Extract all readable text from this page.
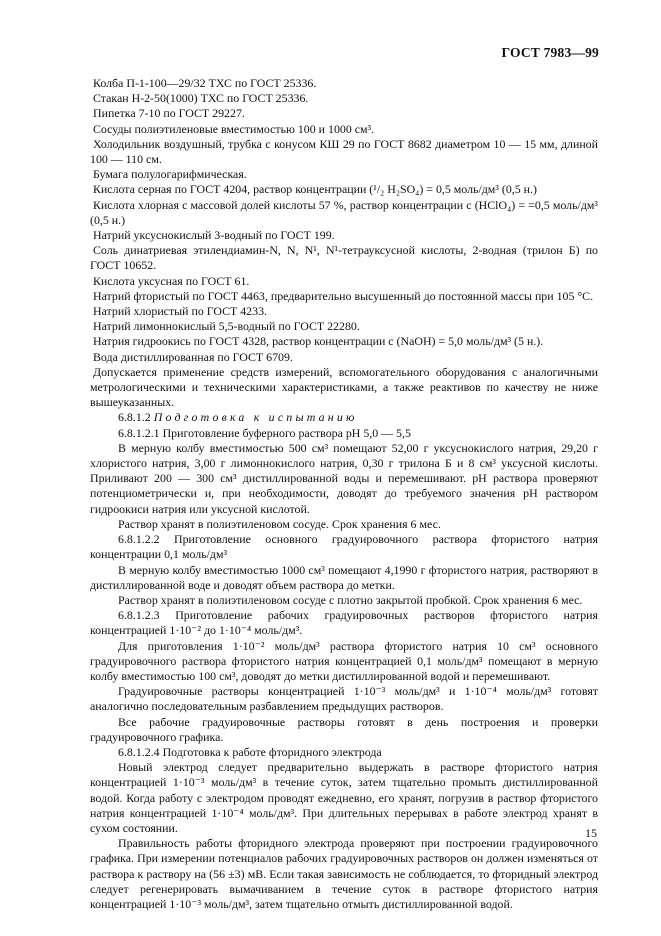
ГОСТ 7983—99

Колба П-1-100—29/32 ТХС по ГОСТ 25336.

Стакан Н-2-50(1000) ТХС по ГОСТ 25336.

Пипетка 7-10 по ГОСТ 29227.

Сосуды полиэтиленовые вместимостью 100 и 1000 см³.

Холодильник воздушный, трубка с конусом КШ 29 по ГОСТ 8682 диаметром 10 — 15 мм, длиной 100 — 110 см.

Бумага полулогарифмическая.

Кислота серная по ГОСТ 4204, раствор концентрации (¹/₂ H₂SO₄) = 0,5 моль/дм³ (0,5 н.)

Кислота хлорная с массовой долей кислоты 57 %, раствор концентрации c (HClO₄) = =0,5 моль/дм³ (0,5 н.)

Натрий уксуснокислый 3-водный по ГОСТ 199.

Соль динатриевая этилендиамин-N, N, N¹, N¹-тетрауксусной кислоты, 2-водная (трилон Б) по ГОСТ 10652.

Кислота уксусная по ГОСТ 61.

Натрий фтористый по ГОСТ 4463, предварительно высушенный до постоянной массы при 105 °С.

Натрий хлористый по ГОСТ 4233.

Натрий лимоннокислый 5,5-водный по ГОСТ 22280.

Натрия гидроокись по ГОСТ 4328, раствор концентрации c (NaOH) = 5,0 моль/дм³ (5 н.).

Вода дистиллированная по ГОСТ 6709.

Допускается применение средств измерений, вспомогательного оборудования с аналогичными метрологическими и техническими характеристиками, а также реактивов по качеству не ниже вышеуказанных.

6.8.1.2 Подготовка к испытанию

6.8.1.2.1 Приготовление буферного раствора pH 5,0 — 5,5

В мерную колбу вместимостью 500 см³ помещают 52,00 г уксуснокислого натрия, 29,20 г хлористого натрия, 3,00 г лимоннокислого натрия, 0,30 г трилона Б и 8 см³ уксусной кислоты. Приливают 200 — 300 см³ дистиллированной воды и перемешивают. pH раствора проверяют потенциометрически и, при необходимости, доводят до требуемого значения pH раствором гидроокиси натрия или уксусной кислотой.

Раствор хранят в полиэтиленовом сосуде. Срок хранения 6 мес.

6.8.1.2.2 Приготовление основного градуировочного раствора фтористого натрия концентрации 0,1 моль/дм³

В мерную колбу вместимостью 1000 см³ помещают 4,1990 г фтористого натрия, растворяют в дистиллированной воде и доводят объем раствора до метки.

Раствор хранят в полиэтиленовом сосуде с плотно закрытой пробкой. Срок хранения 6 мес.

6.8.1.2.3 Приготовление рабочих градуировочных растворов фтористого натрия концентрацией 1·10⁻² до 1·10⁻⁴ моль/дм³.

Для приготовления 1·10⁻² моль/дм³ раствора фтористого натрия 10 см³ основного градуировочного раствора фтористого натрия концентрацией 0,1 моль/дм³ помещают в мерную колбу вместимостью 100 см³, доводят до метки дистиллированной водой и перемешивают.

Градуировочные растворы концентрацией 1·10⁻³ моль/дм³ и 1·10⁻⁴ моль/дм³ готовят аналогично последовательным разбавлением предыдущих растворов.

Все рабочие градуировочные растворы готовят в день построения и проверки градуировочного графика.

6.8.1.2.4 Подготовка к работе фторидного электрода

Новый электрод следует предварительно выдержать в растворе фтористого натрия концентрацией 1·10⁻³ моль/дм³ в течение суток, затем тщательно промыть дистиллированной водой. Когда работу с электродом проводят ежедневно, его хранят, погрузив в раствор фтористого натрия концентрацией 1·10⁻⁴ моль/дм³. При длительных перерывах в работе электрод хранят в сухом состоянии.

Правильность работы фторидного электрода проверяют при построении градуировочного графика. При измерении потенциалов рабочих градуировочных растворов он должен изменяться от раствора к раствору на (56 ±3) мВ. Если такая зависимость не соблюдается, то фторидный электрод следует регенерировать вымачиванием в течение суток в растворе фтористого натрия концентрацией 1·10⁻³ моль/дм³, затем тщательно отмыть дистиллированной водой.

15
